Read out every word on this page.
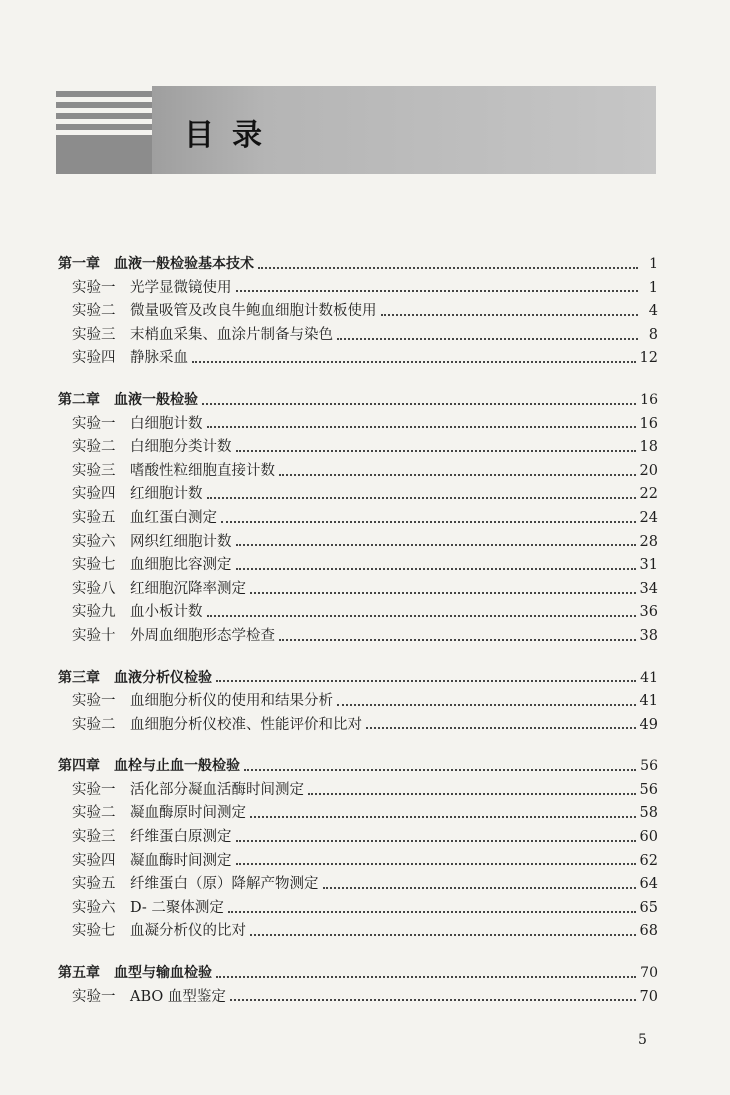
目录
第一章	血液一般检验基本技术	1
实验一	光学显微镜使用	1
实验二	微量吸管及改良牛鲍血细胞计数板使用	4
实验三	末梢血采集、血涂片制备与染色	8
实验四	静脉采血	12
第二章	血液一般检验	16
实验一	白细胞计数	16
实验二	白细胞分类计数	18
实验三	嗜酸性粒细胞直接计数	20
实验四	红细胞计数	22
实验五	血红蛋白测定	24
实验六	网织红细胞计数	28
实验七	血细胞比容测定	31
实验八	红细胞沉降率测定	34
实验九	血小板计数	36
实验十	外周血细胞形态学检查	38
第三章	血液分析仪检验	41
实验一	血细胞分析仪的使用和结果分析	41
实验二	血细胞分析仪校准、性能评价和比对	49
第四章	血栓与止血一般检验	56
实验一	活化部分凝血活酶时间测定	56
实验二	凝血酶原时间测定	58
实验三	纤维蛋白原测定	60
实验四	凝血酶时间测定	62
实验五	纤维蛋白（原）降解产物测定	64
实验六	D- 二聚体测定	65
实验七	血凝分析仪的比对	68
第五章	血型与输血检验	70
实验一	ABO 血型鉴定	70
5
